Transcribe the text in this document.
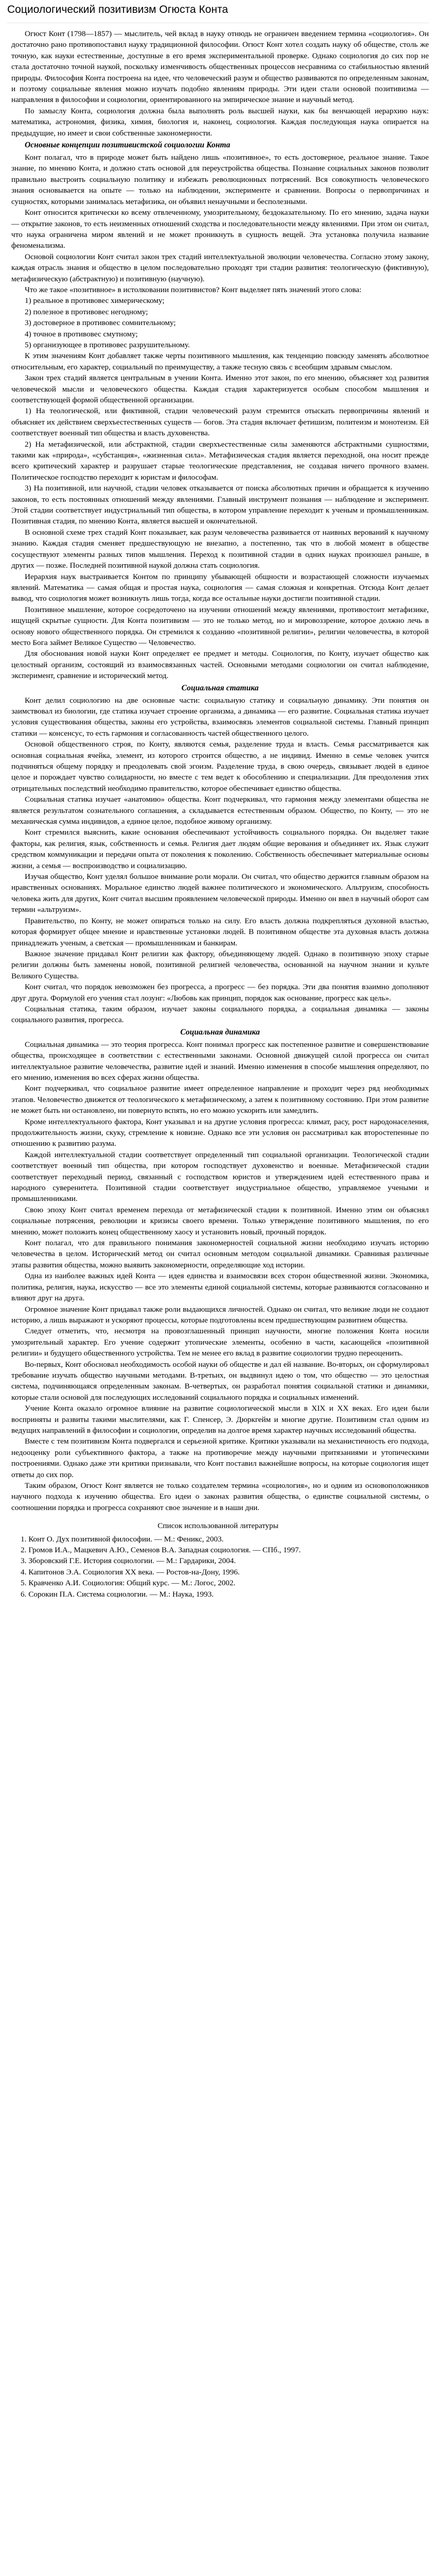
Социологический позитивизм Огюста Конта

Огюст Конт (1798—1857) — мыслитель, чей вклад в науку отнюдь не ограничен введением термина «социология». Он достаточно рано противопоставил науку традиционной философии. Огюст Конт хотел создать науку об обществе, столь же точную, как науки естественные, доступные в его время экспериментальной проверке. Однако социология до сих пор не стала достаточно точной наукой, поскольку изменчивость общественных процессов несравнима со стабильностью явлений природы. Философия Конта построена на идее, что человеческий разум и общество развиваются по определенным законам, и поэтому социальные явления можно изучать подобно явлениям природы. Эти идеи стали основой позитивизма — направления в философии и социологии, ориентированного на эмпирическое знание и научный метод.

По замыслу Конта, социология должна была выполнять роль высшей науки, как бы венчающей иерархию наук: математика, астрономия, физика, химия, биология и, наконец, социология. Каждая последующая наука опирается на предыдущие, но имеет и свои собственные закономерности.

Основные концепции позитивистской социологии Конта

Конт полагал, что в природе может быть найдено лишь «позитивное», то есть достоверное, реальное знание. Такое знание, по мнению Конта, и должно стать основой для переустройства общества. Познание социальных законов позволит правильно выстроить социальную политику и избежать революционных потрясений. Вся совокупность человеческого знания основывается на опыте — только на наблюдении, эксперименте и сравнении. Вопросы о первопричинах и сущностях, которыми занималась метафизика, он объявил ненаучными и бесполезными.

Конт относится критически ко всему отвлеченному, умозрительному, бездоказательному. По его мнению, задача науки — открытие законов, то есть неизменных отношений сходства и последовательности между явлениями. При этом он считал, что наука ограничена миром явлений и не может проникнуть в сущность вещей. Эта установка получила название феноменализма.

Основой социологии Конт считал закон трех стадий интеллектуальной эволюции человечества. Согласно этому закону, каждая отрасль знания и общество в целом последовательно проходят три стадии развития: теологическую (фиктивную), метафизическую (абстрактную) и позитивную (научную).

Что же такое «позитивное» в истолковании позитивистов? Конт выделяет пять значений этого слова:

1) реальное в противовес химерическому;

2) полезное в противовес негодному;

3) достоверное в противовес сомнительному;

4) точное в противовес смутному;

5) организующее в противовес разрушительному.

К этим значениям Конт добавляет также черты позитивного мышления, как тенденцию повсюду заменять абсолютное относительным, его характер, социальный по преимуществу, а также тесную связь с всеобщим здравым смыслом.

Закон трех стадий является центральным в учении Конта. Именно этот закон, по его мнению, объясняет ход развития человеческой мысли и человеческого общества. Каждая стадия характеризуется особым способом мышления и соответствующей формой общественной организации.

1) На теологической, или фиктивной, стадии человеческий разум стремится отыскать первопричины явлений и объясняет их действием сверхъестественных существ — богов. Эта стадия включает фетишизм, политеизм и монотеизм. Ей соответствует военный тип общества и власть духовенства.

2) На метафизической, или абстрактной, стадии сверхъестественные силы заменяются абстрактными сущностями, такими как «природа», «субстанция», «жизненная сила». Метафизическая стадия является переходной, она носит прежде всего критический характер и разрушает старые теологические представления, не создавая ничего прочного взамен. Политическое господство переходит к юристам и философам.

3) На позитивной, или научной, стадии человек отказывается от поиска абсолютных причин и обращается к изучению законов, то есть постоянных отношений между явлениями. Главный инструмент познания — наблюдение и эксперимент. Этой стадии соответствует индустриальный тип общества, в котором управление переходит к ученым и промышленникам. Позитивная стадия, по мнению Конта, является высшей и окончательной.

В основной схеме трех стадий Конт показывает, как разум человечества развивается от наивных верований к научному знанию. Каждая стадия сменяет предшествующую не внезапно, а постепенно, так что в любой момент в обществе сосуществуют элементы разных типов мышления. Переход к позитивной стадии в одних науках произошел раньше, в других — позже. Последней позитивной наукой должна стать социология.

Иерархия наук выстраивается Контом по принципу убывающей общности и возрастающей сложности изучаемых явлений. Математика — самая общая и простая наука, социология — самая сложная и конкретная. Отсюда Конт делает вывод, что социология может возникнуть лишь тогда, когда все остальные науки достигли позитивной стадии.

Позитивное мышление, которое сосредоточено на изучении отношений между явлениями, противостоит метафизике, ищущей скрытые сущности. Для Конта позитивизм — это не только метод, но и мировоззрение, которое должно лечь в основу нового общественного порядка. Он стремился к созданию «позитивной религии», религии человечества, в которой место Бога займет Великое Существо — Человечество.

Для обоснования новой науки Конт определяет ее предмет и методы. Социология, по Конту, изучает общество как целостный организм, состоящий из взаимосвязанных частей. Основными методами социологии он считал наблюдение, эксперимент, сравнение и исторический метод.

Социальная статика

Конт делил социологию на две основные части: социальную статику и социальную динамику. Эти понятия он заимствовал из биологии, где статика изучает строение организма, а динамика — его развитие. Социальная статика изучает условия существования общества, законы его устройства, взаимосвязь элементов социальной системы. Главный принцип статики — консенсус, то есть гармония и согласованность частей общественного целого.

Основой общественного строя, по Конту, являются семья, разделение труда и власть. Семья рассматривается как основная социальная ячейка, элемент, из которого строится общество, а не индивид. Именно в семье человек учится подчиняться общему порядку и преодолевать свой эгоизм. Разделение труда, в свою очередь, связывает людей в единое целое и порождает чувство солидарности, но вместе с тем ведет к обособлению и специализации. Для преодоления этих отрицательных последствий необходимо правительство, которое обеспечивает единство общества.

Социальная статика изучает «анатомию» общества. Конт подчеркивал, что гармония между элементами общества не является результатом сознательного соглашения, а складывается естественным образом. Общество, по Конту, — это не механическая сумма индивидов, а единое целое, подобное живому организму.

Конт стремился выяснить, какие основания обеспечивают устойчивость социального порядка. Он выделяет такие факторы, как религия, язык, собственность и семья. Религия дает людям общие верования и объединяет их. Язык служит средством коммуникации и передачи опыта от поколения к поколению. Собственность обеспечивает материальные основы жизни, а семья — воспроизводство и социализацию.

Изучая общество, Конт уделял большое внимание роли морали. Он считал, что общество держится главным образом на нравственных основаниях. Моральное единство людей важнее политического и экономического. Альтруизм, способность человека жить для других, Конт считал высшим проявлением человеческой природы. Именно он ввел в научный оборот сам термин «альтруизм».

Правительство, по Конту, не может опираться только на силу. Его власть должна подкрепляться духовной властью, которая формирует общее мнение и нравственные установки людей. В позитивном обществе эта духовная власть должна принадлежать ученым, а светская — промышленникам и банкирам.

Важное значение придавал Конт религии как фактору, объединяющему людей. Однако в позитивную эпоху старые религии должны быть заменены новой, позитивной религией человечества, основанной на научном знании и культе Великого Существа.

Конт считал, что порядок невозможен без прогресса, а прогресс — без порядка. Эти два понятия взаимно дополняют друг друга. Формулой его учения стал лозунг: «Любовь как принцип, порядок как основание, прогресс как цель».

Социальная статика, таким образом, изучает законы социального порядка, а социальная динамика — законы социального развития, прогресса.

Социальная динамика

Социальная динамика — это теория прогресса. Конт понимал прогресс как постепенное развитие и совершенствование общества, происходящее в соответствии с естественными законами. Основной движущей силой прогресса он считал интеллектуальное развитие человечества, развитие идей и знаний. Именно изменения в способе мышления определяют, по его мнению, изменения во всех сферах жизни общества.

Конт подчеркивал, что социальное развитие имеет определенное направление и проходит через ряд необходимых этапов. Человечество движется от теологического к метафизическому, а затем к позитивному состоянию. При этом развитие не может быть ни остановлено, ни повернуто вспять, но его можно ускорить или замедлить.

Кроме интеллектуального фактора, Конт указывал и на другие условия прогресса: климат, расу, рост народонаселения, продолжительность жизни, скуку, стремление к новизне. Однако все эти условия он рассматривал как второстепенные по отношению к развитию разума.

Каждой интеллектуальной стадии соответствует определенный тип социальной организации. Теологической стадии соответствует военный тип общества, при котором господствует духовенство и военные. Метафизической стадии соответствует переходный период, связанный с господством юристов и утверждением идей естественного права и народного суверенитета. Позитивной стадии соответствует индустриальное общество, управляемое учеными и промышленниками.

Свою эпоху Конт считал временем перехода от метафизической стадии к позитивной. Именно этим он объяснял социальные потрясения, революции и кризисы своего времени. Только утверждение позитивного мышления, по его мнению, может положить конец общественному хаосу и установить новый, прочный порядок.

Конт полагал, что для правильного понимания закономерностей социальной жизни необходимо изучать историю человечества в целом. Исторический метод он считал основным методом социальной динамики. Сравнивая различные этапы развития общества, можно выявить закономерности, определяющие ход истории.

Одна из наиболее важных идей Конта — идея единства и взаимосвязи всех сторон общественной жизни. Экономика, политика, религия, наука, искусство — все это элементы единой социальной системы, которые развиваются согласованно и влияют друг на друга.

Огромное значение Конт придавал также роли выдающихся личностей. Однако он считал, что великие люди не создают историю, а лишь выражают и ускоряют процессы, которые подготовлены всем предшествующим развитием общества.

Следует отметить, что, несмотря на провозглашенный принцип научности, многие положения Конта носили умозрительный характер. Его учение содержит утопические элементы, особенно в части, касающейся «позитивной религии» и будущего общественного устройства. Тем не менее его вклад в развитие социологии трудно переоценить.

Во-первых, Конт обосновал необходимость особой науки об обществе и дал ей название. Во-вторых, он сформулировал требование изучать общество научными методами. В-третьих, он выдвинул идею о том, что общество — это целостная система, подчиняющаяся определенным законам. В-четвертых, он разработал понятия социальной статики и динамики, которые стали основой для последующих исследований социального порядка и социальных изменений.

Учение Конта оказало огромное влияние на развитие социологической мысли в XIX и XX веках. Его идеи были восприняты и развиты такими мыслителями, как Г. Спенсер, Э. Дюркгейм и многие другие. Позитивизм стал одним из ведущих направлений в философии и социологии, определив на долгое время характер научных исследований общества.

Вместе с тем позитивизм Конта подвергался и серьезной критике. Критики указывали на механистичность его подхода, недооценку роли субъективного фактора, а также на противоречие между научными притязаниями и утопическими построениями. Однако даже эти критики признавали, что Конт поставил важнейшие вопросы, на которые социология ищет ответы до сих пор.

Таким образом, Огюст Конт является не только создателем термина «социология», но и одним из основоположников научного подхода к изучению общества. Его идеи о законах развития общества, о единстве социальной системы, о соотношении порядка и прогресса сохраняют свое значение и в наши дни.

Список использованной литературы
1. Конт О. Дух позитивной философии. — М.: Феникс, 2003.
2. Громов И.А., Мацкевич А.Ю., Семенов В.А. Западная социология. — СПб., 1997.
3. Зборовский Г.Е. История социологии. — М.: Гардарики, 2004.
4. Капитонов Э.А. Социология XX века. — Ростов-на-Дону, 1996.
5. Кравченко А.И. Социология: Общий курс. — М.: Логос, 2002.
6. Сорокин П.А. Система социологии. — М.: Наука, 1993.
